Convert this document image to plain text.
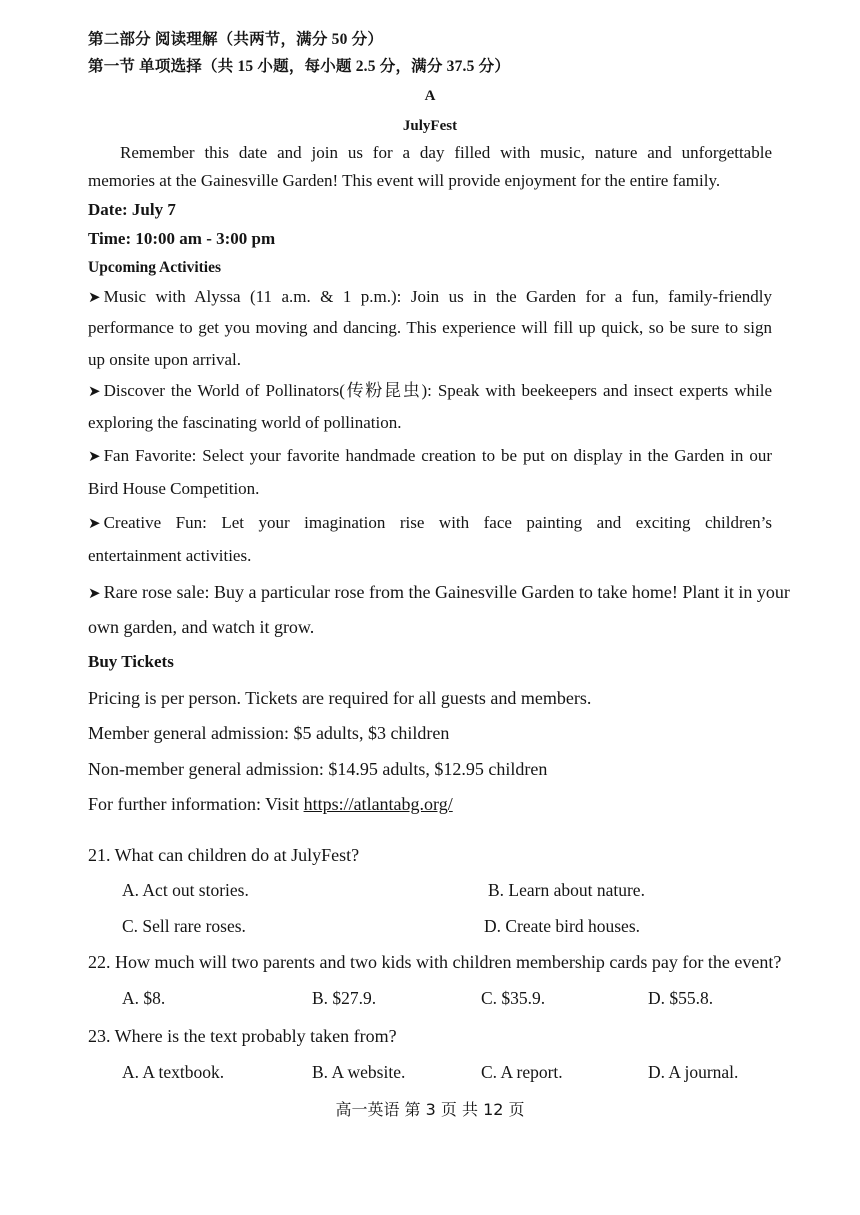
第二部分 阅读理解（共两节，满分 50 分）
第一节 单项选择（共 15 小题，每小题 2.5 分，满分 37.5 分）
A
JulyFest
Remember this date and join us for a day filled with music, nature and unforgettable
memories at the Gainesville Garden! This event will provide enjoyment for the entire family.
Date: July 7
Time: 10:00 am - 3:00 pm
Upcoming Activities
➤ Music with Alyssa (11 a.m. & 1 p.m.): Join us in the Garden for a fun, family-friendly
performance to get you moving and dancing. This experience will fill up quick, so be sure to sign
up onsite upon arrival.
➤ Discover the World of Pollinators(传粉昆虫): Speak with beekeepers and insect experts while
exploring the fascinating world of pollination.
➤ Fan Favorite: Select your favorite handmade creation to be put on display in the Garden in our
Bird House Competition.
➤ Creative Fun: Let your imagination rise with face painting and exciting children’s
entertainment activities.
➤ Rare rose sale: Buy a particular rose from the Gainesville Garden to take home! Plant it in your
own garden, and watch it grow.
Buy Tickets
Pricing is per person. Tickets are required for all guests and members.
Member general admission: $5 adults, $3 children
Non-member general admission: $14.95 adults, $12.95 children
For further information: Visit https://atlantabg.org/
21. What can children do at JulyFest?
A. Act out stories.	B. Learn about nature.
C. Sell rare roses.	D. Create bird houses.
22. How much will two parents and two kids with children membership cards pay for the event?
A. $8.	B. $27.9.	C. $35.9.	D. $55.8.
23. Where is the text probably taken from?
A. A textbook.	B. A website.	C. A report.	D. A journal.
高一英语 第 3 页 共 12 页
